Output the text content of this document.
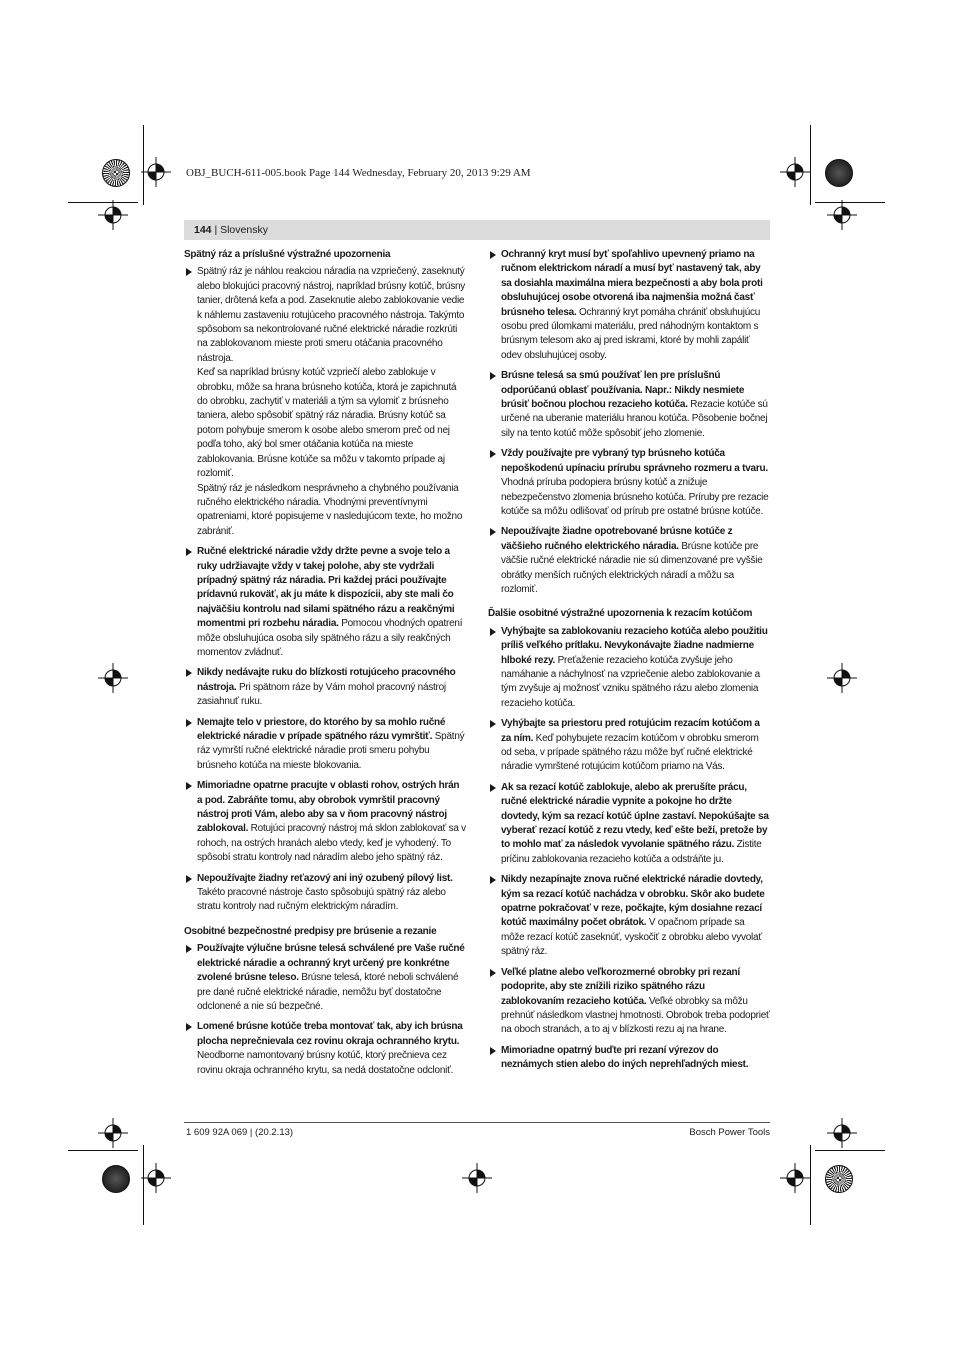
OBJ_BUCH-611-005.book Page 144 Wednesday, February 20, 2013 9:29 AM
144 | Slovensky
Spätný ráz a príslušné výstražné upozornenia

Spätný ráz je náhlou reakciou náradia na vzpriečený, zaseknutý alebo blokujúci pracovný nástroj, napríklad brúsny kotúč, brúsny tanier, drôtená kefa a pod. Zaseknutie alebo zablokovanie vedie k náhlemu zastaveniu rotujúceho pracovného nástroja. Takýmto spôsobom sa nekontrolované ručné elektrické náradie rozkrúti na zablokovanom mieste proti smeru otáčania pracovného nástroja.

Keď sa napríklad brúsny kotúč vzpriečí alebo zablokuje v obrobku, môže sa hrana brúsneho kotúča, ktorá je zapichnutá do obrobku, zachytiť v materiáli a tým sa vylomiť z brúsneho taniera, alebo spôsobiť spätný ráz náradia. Brúsny kotúč sa potom pohybuje smerom k osobe alebo smerom preč od nej podľa toho, aký bol smer otáčania kotúča na mieste zablokovania. Brúsne kotúče sa môžu v takomto prípade aj rozlomiť.

Spätný ráz je následkom nesprávneho a chybného používania ručného elektrického náradia. Vhodnými preventívnymi opatreniami, ktoré popisujeme v nasledujúcom texte, ho možno zabrániť.

Ručné elektrické náradie vždy držte pevne a svoje telo a ruky udržiavajte vždy v takej polohe, aby ste vydržali prípadný spätný ráz náradia. Pri každej práci používajte prídavnú rukoväť, ak ju máte k dispozícii, aby ste mali čo najväčšiu kontrolu nad silami spätného rázu a reakčnými momentmi pri rozbehu náradia. Pomocou vhodných opatrení môže obsluhujúca osoba sily spätného rázu a sily reakčných momentov zvládnuť.

Nikdy nedávajte ruku do blízkosti rotujúceho pracovného nástroja. Pri spätnom ráze by Vám mohol pracovný nástroj zasiahnuť ruku.

Nemajte telo v priestore, do ktorého by sa mohlo ručné elektrické náradie v prípade spätného rázu vymrštiť. Spätný ráz vymrští ručné elektrické náradie proti smeru pohybu brúsneho kotúča na mieste blokovania.

Mimoriadne opatrne pracujte v oblasti rohov, ostrých hrán a pod. Zabráňte tomu, aby obrobok vymrštil pracovný nástroj proti Vám, alebo aby sa v ňom pracovný nástroj zablokoval. Rotujúci pracovný nástroj má sklon zablokovať sa v rohoch, na ostrých hranách alebo vtedy, keď je vyhodený. To spôsobí stratu kontroly nad náradím alebo jeho spätný ráz.

Nepoužívajte žiadny reťazový ani iný ozubený pílový list. Takéto pracovné nástroje často spôsobujú spätný ráz alebo stratu kontroly nad ručným elektrickým náradím.

Osobitné bezpečnostné predpisy pre brúsenie a rezanie

Používajte výlučne brúsne telesá schválené pre Vaše ručné elektrické náradie a ochranný kryt určený pre konkrétne zvolené brúsne teleso. Brúsne telesá, ktoré neboli schválené pre dané ručné elektrické náradie, nemôžu byť dostatočne odclonené a nie sú bezpečné.

Lomené brúsne kotúče treba montovať tak, aby ich brúsna plocha neprečnievala cez rovinu okraja ochranného krytu. Neodborne namontovaný brúsny kotúč, ktorý prečnieva cez rovinu okraja ochranného krytu, sa nedá dostatočne odcloniť.

Ochranný kryt musí byť spoľahlivo upevnený priamo na ručnom elektrickom náradí a musí byť nastavený tak, aby sa dosiahla maximálna miera bezpečnosti a aby bola proti obsluhujúcej osobe otvorená iba najmenšia možná časť brúsneho telesa. Ochranný kryt pomáha chrániť obsluhujúcu osobu pred úlomkami materiálu, pred náhodným kontaktom s brúsnym telesom ako aj pred iskrami, ktoré by mohli zapáliť odev obsluhujúcej osoby.

Brúsne telesá sa smú používať len pre príslušnú odporúčanú oblasť používania. Napr.: Nikdy nesmiete brúsiť bočnou plochou rezacieho kotúča. Rezacie kotúče sú určené na uberanie materiálu hranou kotúča. Pôsobenie bočnej sily na tento kotúč môže spôsobiť jeho zlomenie.

Vždy používajte pre vybraný typ brúsneho kotúča nepoškodenú upínaciu prírubu správneho rozmeru a tvaru. Vhodná príruba podopiera brúsny kotúč a znižuje nebezpečenstvo zlomenia brúsneho kotúča. Príruby pre rezacie kotúče sa môžu odlišovať od prírub pre ostatné brúsne kotúče.

Nepoužívajte žiadne opotrebované brúsne kotúče z väčšieho ručného elektrického náradia. Brúsne kotúče pre väčšie ručné elektrické náradie nie sú dimenzované pre vyššie obrátky menších ručných elektrických náradí a môžu sa rozlomiť.

Ďalšie osobitné výstražné upozornenia k rezacím kotúčom

Vyhýbajte sa zablokovaniu rezacieho kotúča alebo použitiu príliš veľkého prítlaku. Nevykonávajte žiadne nadmierne hlboké rezy. Preťaženie rezacieho kotúča zvyšuje jeho namáhanie a náchylnosť na vzpriečenie alebo zablokovanie a tým zvyšuje aj možnosť vzniku spätného rázu alebo zlomenia rezacieho kotúča.

Vyhýbajte sa priestoru pred rotujúcim rezacím kotúčom a za ním. Keď pohybujete rezacím kotúčom v obrobku smerom od seba, v prípade spätného rázu môže byť ručné elektrické náradie vymrštené rotujúcim kotúčom priamo na Vás.

Ak sa rezací kotúč zablokuje, alebo ak prerušíte prácu, ručné elektrické náradie vypnite a pokojne ho držte dovtedy, kým sa rezací kotúč úplne zastaví. Nepokúšajte sa vyberať rezací kotúč z rezu vtedy, keď ešte beží, pretože by to mohlo mať za následok vyvolanie spätného rázu. Zistite príčinu zablokovania rezacieho kotúča a odstráňte ju.

Nikdy nezapínajte znova ručné elektrické náradie dovtedy, kým sa rezací kotúč nachádza v obrobku. Skôr ako budete opatrne pokračovať v reze, počkajte, kým dosiahne rezací kotúč maximálny počet obrátok. V opačnom prípade sa môže rezací kotúč zaseknúť, vyskočiť z obrobku alebo vyvolať spätný ráz.

Veľké platne alebo veľkorozmerné obrobky pri rezaní podoprite, aby ste znížili riziko spätného rázu zablokovaním rezacieho kotúča. Veľké obrobky sa môžu prehnúť následkom vlastnej hmotnosti. Obrobok treba podoprieť na oboch stranách, a to aj v blízkosti rezu aj na hrane.

Mimoriadne opatrný buďte pri rezaní výrezov do neznámych stien alebo do iných neprehľadných miest.

1 609 92A 069 | (20.2.13)	Bosch Power Tools
